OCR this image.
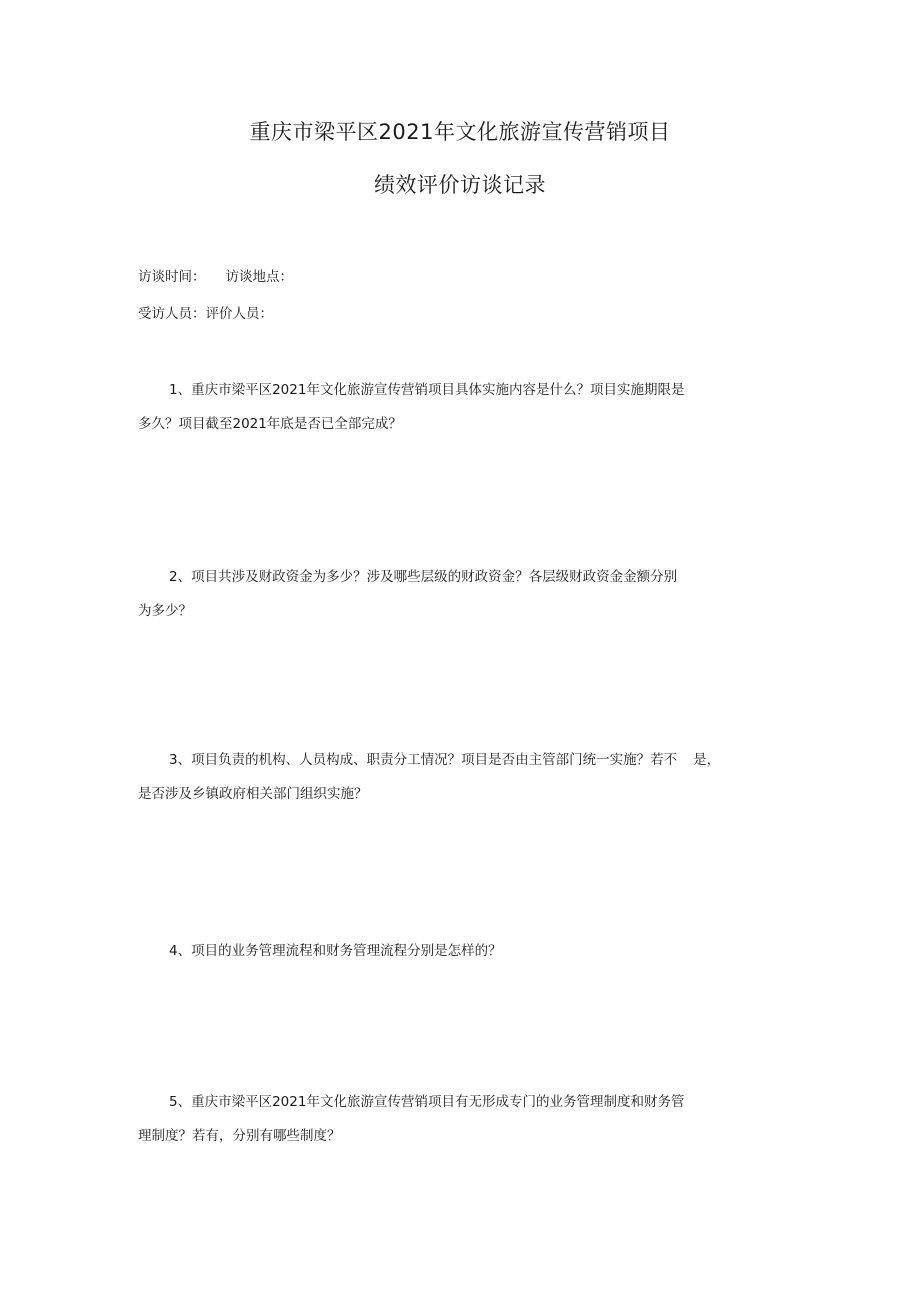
重庆市梁平区2021年文化旅游宣传营销项目
绩效评价访谈记录
访谈时间： 访谈地点：
受访人员：评价人员：
1、重庆市梁平区2021年文化旅游宣传营销项目具体实施内容是什么？项目实施期限是
多久？项目截至2021年底是否已全部完成？
2、项目共涉及财政资金为多少？涉及哪些层级的财政资金？各层级财政资金金额分别
为多少？
3、项目负责的机构、人员构成、职责分工情况？项目是否由主管部门统一实施？若不 是，
是否涉及乡镇政府相关部门组织实施？
4、项目的业务管理流程和财务管理流程分别是怎样的？
5、重庆市梁平区2021年文化旅游宣传营销项目有无形成专门的业务管理制度和财务管
理制度？若有，分别有哪些制度？
